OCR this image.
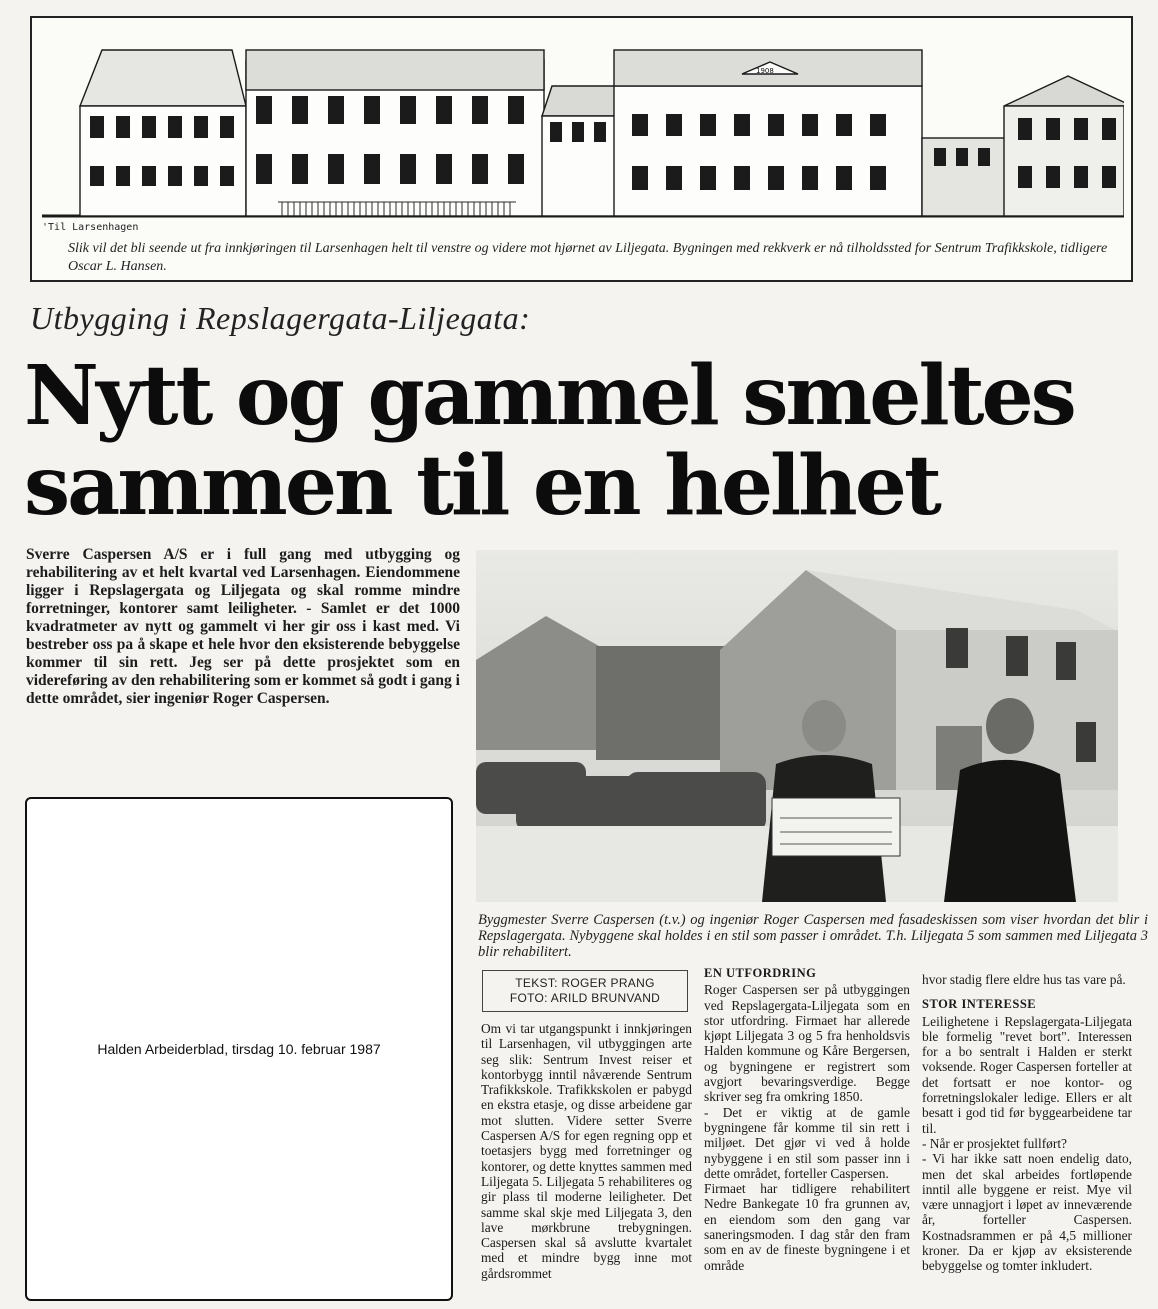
1908
'Til Larsenhagen
Slik vil det bli seende ut fra innkjøringen til Larsenhagen helt til venstre og videre mot hjørnet av Liljegata. Bygningen med rekkverk er nå tilholdssted for Sentrum Trafikkskole, tidligere Oscar L. Hansen.
Utbygging i Repslagergata-Liljegata:
Nytt og gammel smeltes
sammen til en helhet
Sverre Caspersen A/S er i full gang med utbygging og rehabilitering av et helt kvartal ved Larsenhagen. Eiendommene ligger i Repslagergata og Liljegata og skal romme mindre forretninger, kontorer samt leiligheter. - Samlet er det 1000 kvadratmeter av nytt og gammelt vi her gir oss i kast med. Vi bestreber oss pa å skape et hele hvor den eksisterende bebyggelse kommer til sin rett. Jeg ser på dette prosjektet som en videreføring av den rehabilitering som er kommet så godt i gang i dette området, sier ingeniør Roger Caspersen.
Byggmester Sverre Caspersen (t.v.) og ingeniør Roger Caspersen med fasadeskissen som viser hvordan det blir i Repslagergata. Nybyggene skal holdes i en stil som passer i området. T.h. Liljegata 5 som sammen med Liljegata 3 blir rehabilitert.
Halden Arbeiderblad, tirsdag 10. februar 1987
TEKST: ROGER PRANG
FOTO: ARILD BRUNVAND

Om vi tar utgangspunkt i innkjøringen til Larsenhagen, vil utbyggingen arte seg slik: Sentrum Invest reiser et kontorbygg inntil nåværende Sentrum Trafikkskole. Trafikkskolen er pabygd en ekstra etasje, og disse arbeidene gar mot slutten. Videre setter Sverre Caspersen A/S for egen regning opp et toetasjers bygg med forretninger og kontorer, og dette knyttes sammen med Liljegata 5. Liljegata 5 rehabiliteres og gir plass til moderne leiligheter. Det samme skal skje med Liljegata 3, den lave mørkbrune trebygningen. Caspersen skal så avslutte kvartalet med et mindre bygg inne mot gårdsrommet

EN UTFORDRING

Roger Caspersen ser på utbyggingen ved Repslagergata-Liljegata som en stor utfordring. Firmaet har allerede kjøpt Liljegata 3 og 5 fra henholdsvis Halden kommune og Kåre Bergersen, og bygningene er registrert som avgjort bevaringsverdige. Begge skriver seg fra omkring 1850.

- Det er viktig at de gamle bygningene får komme til sin rett i miljøet. Det gjør vi ved å holde nybyggene i en stil som passer inn i dette området, forteller Caspersen.

Firmaet har tidligere rehabilitert Nedre Bankegate 10 fra grunnen av, en eiendom som den gang var saneringsmoden. I dag står den fram som en av de fineste bygningene i et område

hvor stadig flere eldre hus tas vare på.

STOR INTERESSE

Leilighetene i Repslagergata-Liljegata ble formelig "revet bort". Interessen for a bo sentralt i Halden er sterkt voksende. Roger Caspersen forteller at det fortsatt er noe kontor- og forretningslokaler ledige. Ellers er alt besatt i god tid før byggearbeidene tar til.

- Når er prosjektet fullført?

- Vi har ikke satt noen endelig dato, men det skal arbeides fortløpende inntil alle byggene er reist. Mye vil være unnagjort i løpet av inneværende år, forteller Caspersen. Kostnadsrammen er på 4,5 millioner kroner. Da er kjøp av eksisterende bebyggelse og tomter inkludert.
